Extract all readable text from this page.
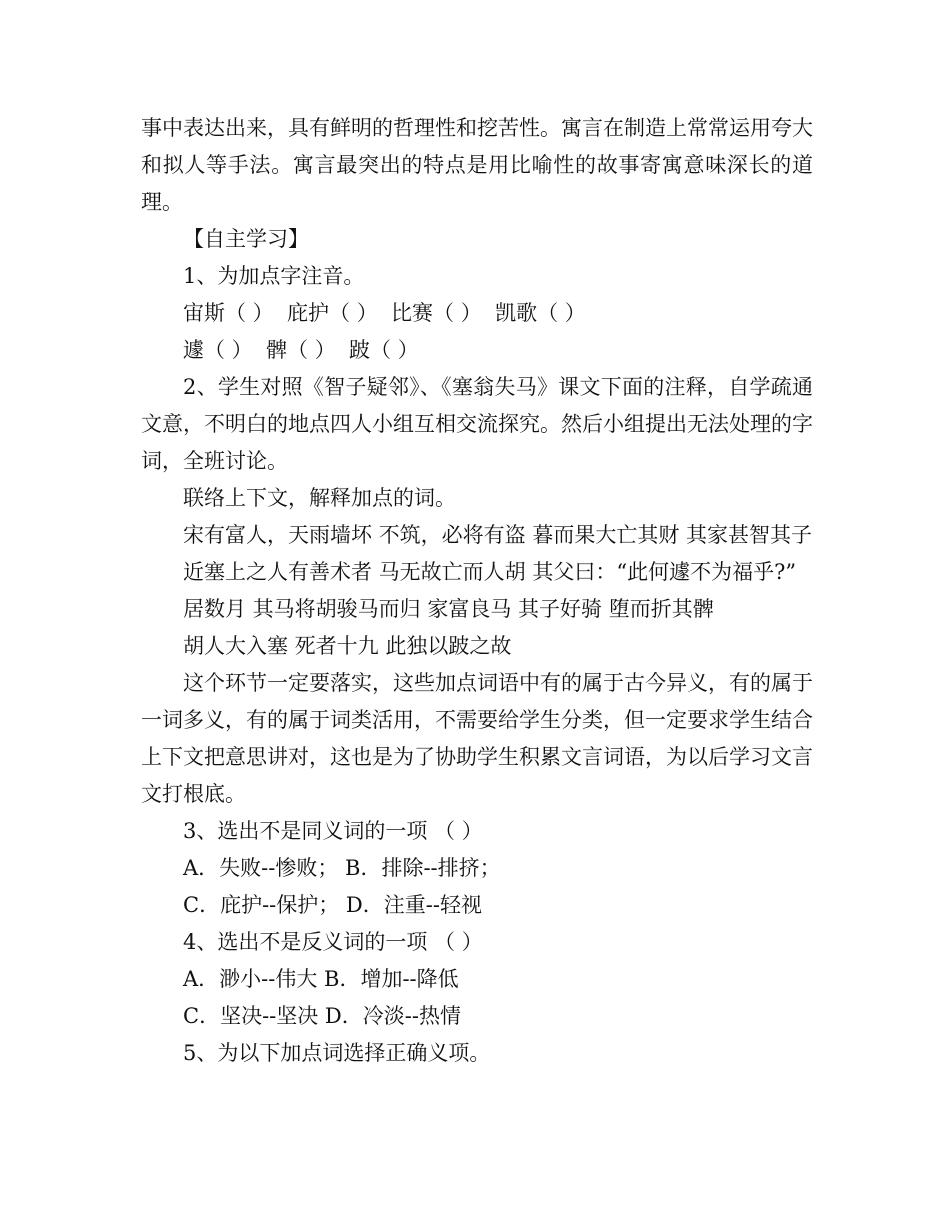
事中表达出来，具有鲜明的哲理性和挖苦性。寓言在制造上常常运用夸大和拟人等手法。寓言最突出的特点是用比喻性的故事寄寓意味深长的道理。

【自主学习】

1、为加点字注音。

宙斯（ ）  庇护（ ）  比赛（ ）  凯歌（ ）

遽（ ）  髀（ ）  跛（ ）

2、学生对照《智子疑邻》、《塞翁失马》课文下面的注释，自学疏通文意，不明白的地点四人小组互相交流探究。然后小组提出无法处理的字词，全班讨论。

联络上下文，解释加点的词。

宋有富人，天雨墙坏 不筑，必将有盗 暮而果大亡其财 其家甚智其子

近塞上之人有善术者 马无故亡而人胡 其父曰：“此何遽不为福乎?”

居数月 其马将胡骏马而归 家富良马 其子好骑 堕而折其髀

胡人大入塞 死者十九 此独以跛之故

这个环节一定要落实，这些加点词语中有的属于古今异义，有的属于一词多义，有的属于词类活用，不需要给学生分类，但一定要求学生结合上下文把意思讲对，这也是为了协助学生积累文言词语，为以后学习文言文打根底。

3、选出不是同义词的一项 （ ）

A．失败--惨败； B．排除--排挤；

C．庇护--保护； D．注重--轻视

4、选出不是反义词的一项 （ ）

A．渺小--伟大 B．增加--降低

C．坚决--坚决 D．冷淡--热情

5、为以下加点词选择正确义项。
